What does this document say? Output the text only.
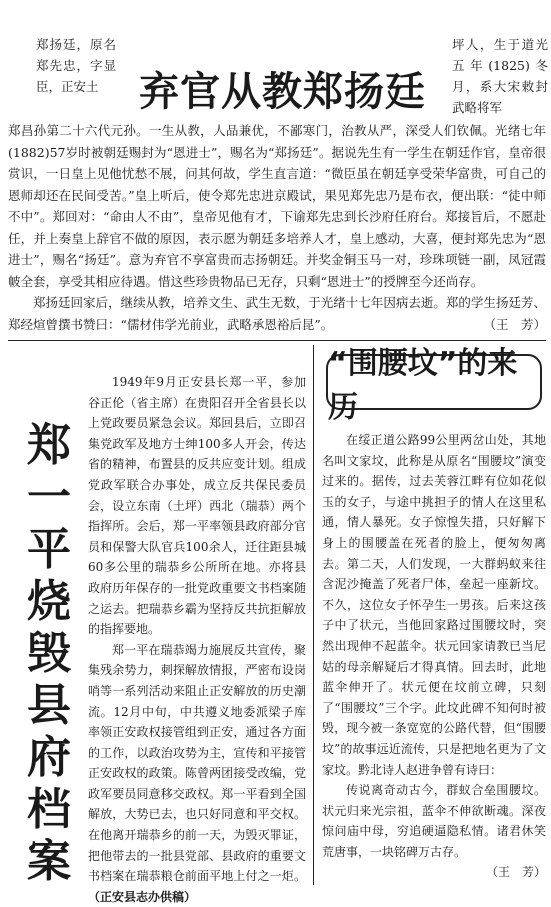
郑扬廷，原名郑先忠，字显臣，正安土	弃官从教郑扬廷
坪人，生于道光五年(1825)冬月，系大宋敕封武略将军

郑昌孙第二十六代元孙。一生从教，人品兼优，不鄙寒门，治教从严，深受人们钦佩。光绪七年(1882)57岁时被朝廷赐封为“恩进士”，赐名为“郑扬廷”。据说先生有一学生在朝廷作官，皇帝很赏识，一日皇上见他忧愁不展，问其何故，学生直言道：“微臣虽在朝廷享受荣华富贵，可自己的恩师却还在民间受苦。”皇上听后，使令郑先忠进京殿试，果见郑先忠乃是布衣，便出联：“徒中师不中”。郑回对：“命由人不由”，皇帝见他有才，下谕郑先忠到长沙府任府台。郑接旨后，不愿赴任，并上奏皇上辞官不做的原因，表示愿为朝廷多培养人才，皇上感动，大喜，便封郑先忠为“恩进士”，赐名“扬廷”。意为弃官不享富贵而志扬朝廷。并奖金铜玉马一对，珍珠项链一副，凤冠霞帔全套，享受其相应待遇。惜这些珍贵物品已无存，只剩“恩进士”的授牌至今还尚存。

郑扬廷回家后，继续从教，培养文生、武生无数，于光绪十七年因病去逝。郑的学生扬廷芳、郑经煊曾撰书赞曰：“儒材伟学光前业，武略承恩裕后昆”。	（王　芳）

郑
一
平
烧
毁
县
府
档
案

1949年9月正安县长郑一平，参加谷正伦（省主席）在贵阳召开全省县长以上党政要员紧急会议。郑回县后，立即召集党政军及地方士绅100多人开会，传达省的精神，布置县的反共应变计划。组成党政军联合办事处，成立反共保民委员会，设立东南（土坪）西北（瑞恭）两个指挥所。会后，郑一平率领县政府部分官员和保警大队官兵100余人，迁往距县城60多公里的瑞恭乡公所所在地。亦将县政府历年保存的一批党政重要文书档案随之运去。把瑞恭乡霸为坚持反共抗拒解放的指挥要地。

郑一平在瑞恭竭力施展反共宣传，聚集残余势力，刺探解放情报，严密布设岗哨等一系列活动来阻止正安解放的历史潮流。12月中旬，中共遵义地委派梁子库率领正安政权接管组到正安，通过各方面的工作，以政治攻势为主，宣传和平接管正安政权的政策。陈曾两团接受改编，党政军要员同意移交政权。郑一平看到全国解放，大势已去，也只好同意和平交权。在他离开瑞恭乡的前一天，为毁灭罪证，把他带去的一批县党部、县政府的重要文书档案在瑞恭粮仓前面平地上付之一炬。（正安县志办供稿）

“围腰坟”的来历

在绥正道公路99公里两岔山处，其地名叫文家坟，此称是从原名“围腰坟”演变过来的。据传，过去芙蓉江畔有位如花似玉的女子，与途中挑担子的情人在这里私通，情人暴死。女子惊惶失措，只好解下身上的围腰盖在死者的脸上，便匆匆离去。第二天，人们发现，一大群蚂蚁来往含泥沙掩盖了死者尸体，垒起一座新坟。不久，这位女子怀孕生一男孩。后来这孩子中了状元，当他回家路过围腰坟时，突然出现伸不起蓝伞。状元回家请教已当尼姑的母亲解疑后才得真情。回去时，此地蓝伞伸开了。状元便在坟前立碑，只刻了“围腰坟”三个字。此坟此碑不知何时被毁，现今被一条宽宽的公路代替，但“围腰坟”的故事远近流传，只是把地名更为了文家坟。黔北诗人赵进争曾有诗曰：

传说离奇动古今，群蚁合垒围腰坟。状元归来光宗祖，蓝伞不伸欲断魂。深夜惊问庙中母，穷追硬逼隐私情。诸君休笑荒唐事，一块铭碑万古存。
（王　芳）
